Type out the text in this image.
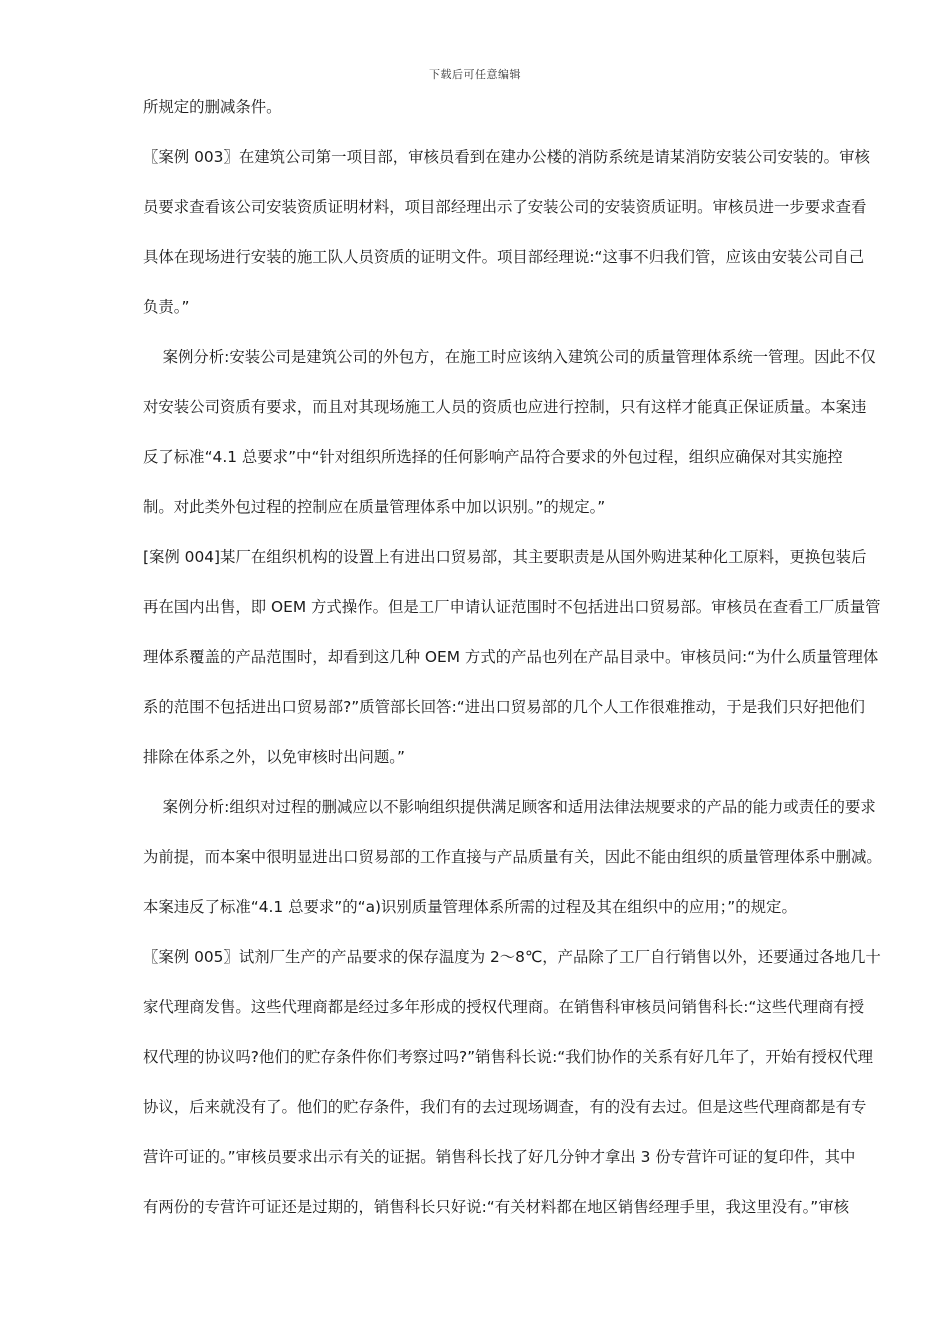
下载后可任意编辑
所规定的删减条件。
〖案例 003〗在建筑公司第一项目部，审核员看到在建办公楼的消防系统是请某消防安装公司安装的。审核
员要求查看该公司安装资质证明材料，项目部经理出示了安装公司的安装资质证明。审核员进一步要求查看
具体在现场进行安装的施工队人员资质的证明文件。项目部经理说:“这事不归我们管，应该由安装公司自己
负责。”
案例分析:安装公司是建筑公司的外包方，在施工时应该纳入建筑公司的质量管理体系统一管理。因此不仅
对安装公司资质有要求，而且对其现场施工人员的资质也应进行控制，只有这样才能真正保证质量。本案违
反了标准“4.1 总要求”中“针对组织所选择的任何影响产品符合要求的外包过程，组织应确保对其实施控
制。对此类外包过程的控制应在质量管理体系中加以识别。”的规定。”
[案例 004]某厂在组织机构的设置上有进出口贸易部，其主要职责是从国外购进某种化工原料，更换包装后
再在国内出售，即 OEM 方式操作。但是工厂申请认证范围时不包括进出口贸易部。审核员在查看工厂质量管
理体系覆盖的产品范围时，却看到这几种 OEM 方式的产品也列在产品目录中。审核员问:“为什么质量管理体
系的范围不包括进出口贸易部?”质管部长回答:“进出口贸易部的几个人工作很难推动，于是我们只好把他们
排除在体系之外，以免审核时出问题。”
案例分析:组织对过程的删减应以不影响组织提供满足顾客和适用法律法规要求的产品的能力或责任的要求
为前提，而本案中很明显进出口贸易部的工作直接与产品质量有关，因此不能由组织的质量管理体系中删减。
本案违反了标准“4.1 总要求”的“a)识别质量管理体系所需的过程及其在组织中的应用；”的规定。
〖案例 005〗试剂厂生产的产品要求的保存温度为 2～8℃，产品除了工厂自行销售以外，还要通过各地几十
家代理商发售。这些代理商都是经过多年形成的授权代理商。在销售科审核员问销售科长:“这些代理商有授
权代理的协议吗?他们的贮存条件你们考察过吗?”销售科长说:“我们协作的关系有好几年了，开始有授权代理
协议，后来就没有了。他们的贮存条件，我们有的去过现场调查，有的没有去过。但是这些代理商都是有专
营许可证的。”审核员要求出示有关的证据。销售科长找了好几分钟才拿出 3 份专营许可证的复印件，其中
有两份的专营许可证还是过期的，销售科长只好说:“有关材料都在地区销售经理手里，我这里没有。”审核
